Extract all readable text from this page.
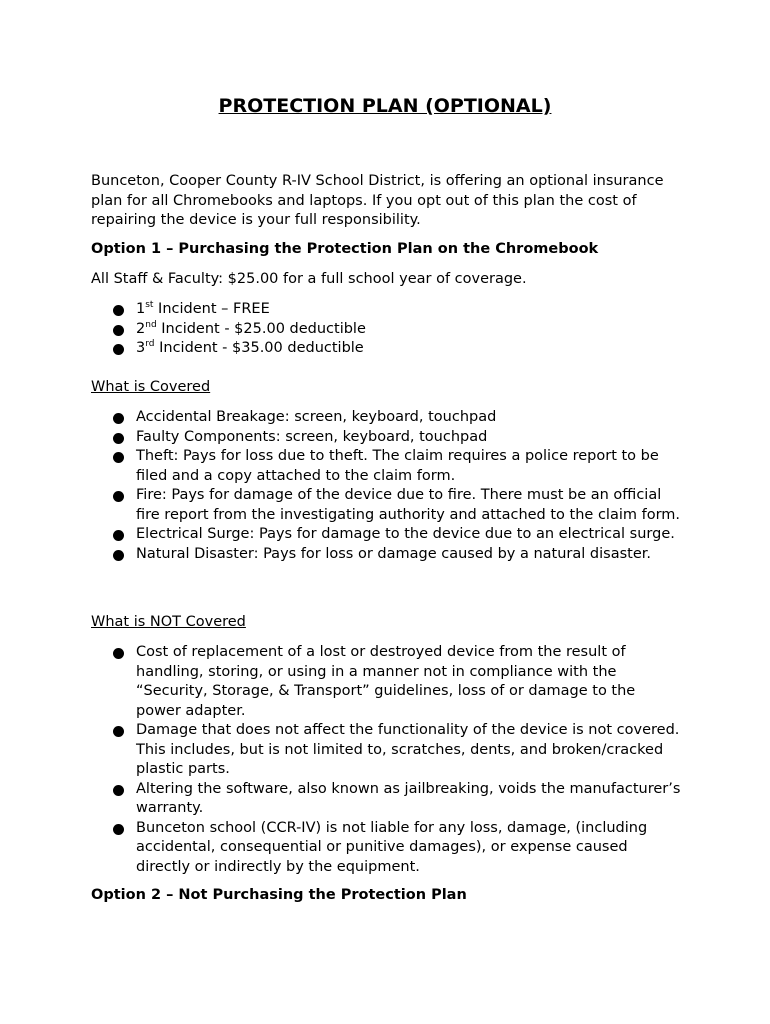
PROTECTION PLAN (OPTIONAL)
Bunceton, Cooper County R-IV School District, is offering an optional insurance plan for all Chromebooks and laptops. If you opt out of this plan the cost of repairing the device is your full responsibility.
Option 1 – Purchasing the Protection Plan on the Chromebook
All Staff & Faculty: $25.00 for a full school year of coverage.
1st Incident – FREE
2nd Incident - $25.00 deductible
3rd Incident - $35.00 deductible
What is Covered
Accidental Breakage: screen, keyboard, touchpad
Faulty Components: screen, keyboard, touchpad
Theft: Pays for loss due to theft. The claim requires a police report to be filed and a copy attached to the claim form.
Fire: Pays for damage of the device due to fire. There must be an official fire report from the investigating authority and attached to the claim form.
Electrical Surge: Pays for damage to the device due to an electrical surge.
Natural Disaster: Pays for loss or damage caused by a natural disaster.
What is NOT Covered
Cost of replacement of a lost or destroyed device from the result of handling, storing, or using in a manner not in compliance with the “Security, Storage, & Transport” guidelines, loss of or damage to the power adapter.
Damage that does not affect the functionality of the device is not covered. This includes, but is not limited to, scratches, dents, and broken/cracked plastic parts.
Altering the software, also known as jailbreaking, voids the manufacturer’s warranty.
Bunceton school (CCR-IV) is not liable for any loss, damage, (including accidental, consequential or punitive damages), or expense caused directly or indirectly by the equipment.
Option 2 – Not Purchasing the Protection Plan
